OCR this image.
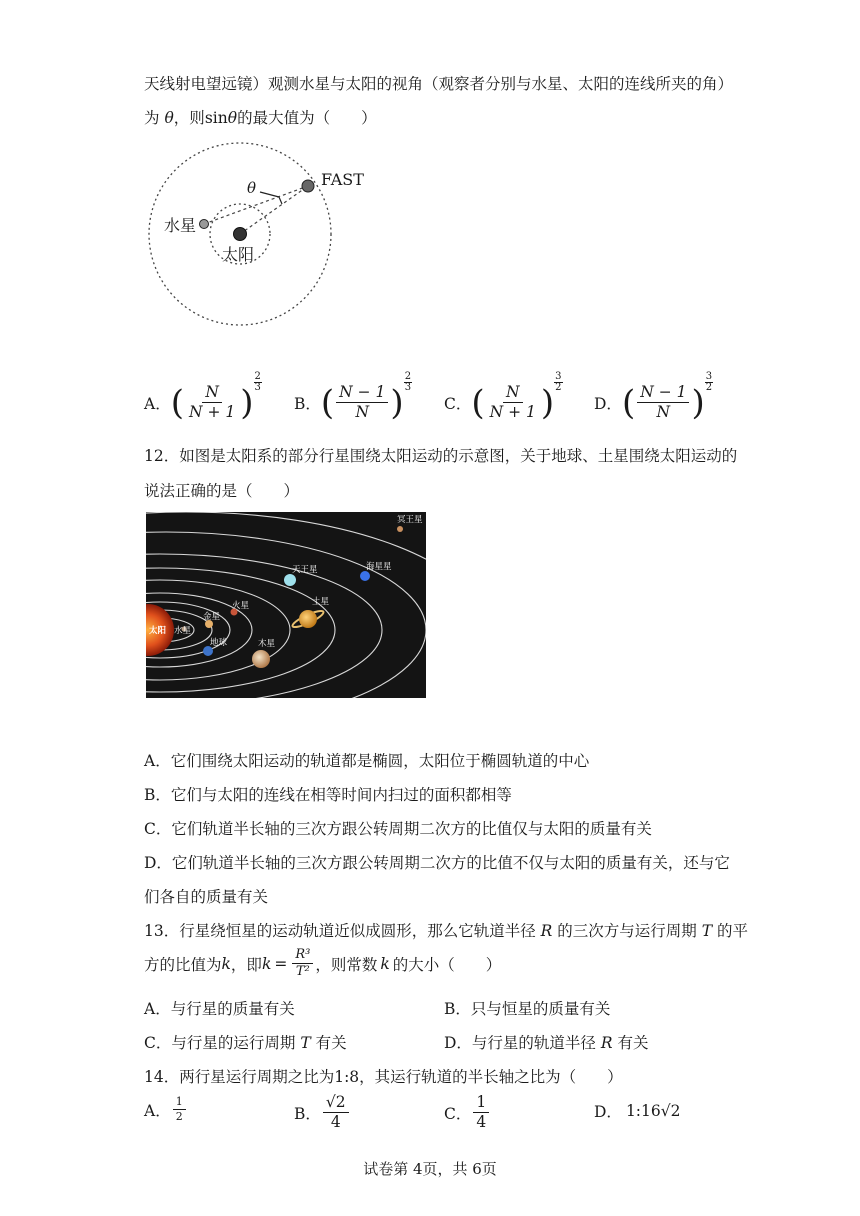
天线射电望远镜）观测水星与太阳的视角（观察者分别与水星、太阳的连线所夹的角）
为 θ，则sinθ的最大值为（　　）
FAST
水星
太阳
θ
A． ( $\frac{N}{N + 1}$ ) $\frac{2}{3}$
B． ( $\frac{N - 1}{N}$ ) $\frac{2}{3}$
C． ( $\frac{N}{N + 1}$ ) $\frac{3}{2}$
D． ( $\frac{N - 1}{N}$ ) $\frac{3}{2}$
12．如图是太阳系的部分行星围绕太阳运动的示意图，关于地球、土星围绕太阳运动的
说法正确的是（　　）
太阳 水星
金星
地球
火星
木星
土星
天王星	海星星
冥王星
A．它们围绕太阳运动的轨道都是椭圆，太阳位于椭圆轨道的中心
B．它们与太阳的连线在相等时间内扫过的面积都相等
C．它们轨道半长轴的三次方跟公转周期二次方的比值仅与太阳的质量有关
D．它们轨道半长轴的三次方跟公转周期二次方的比值不仅与太阳的质量有关，还与它
们各自的质量有关
13．行星绕恒星的运动轨道近似成圆形，那么它轨道半径 R 的三次方与运行周期 T 的平
方的比值为 k ，即 $k = \frac{\text{R³}}{\text{T²}}$ ，则常数 k 的大小（　　）
A．与行星的质量有关	B．只与恒星的质量有关
C．与行星的运行周期 T 有关	D．与行星的轨道半径 R 有关
14．两行星运行周期之比为1:8，其运行轨道的半长轴之比为（　　）
A． $\frac{1}{2}$	B． $\frac{√2}{4}$	C． $\frac{1}{4}$	D． 1:16√2
试卷第 4页，共 6页
